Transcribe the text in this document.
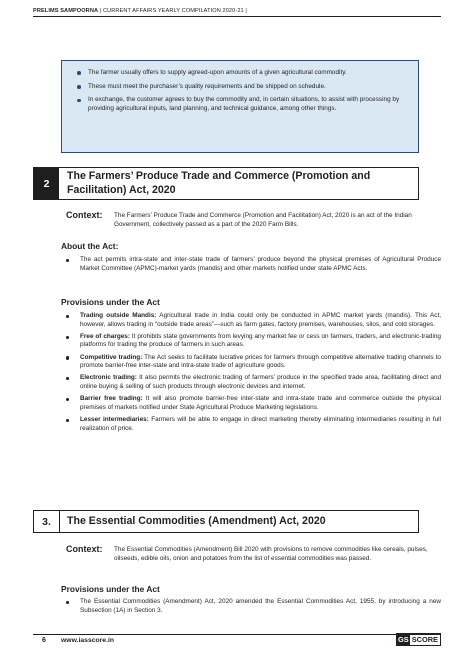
PRELIMS SAMPOORNA | CURRENT AFFAIRS YEARLY COMPILATION 2020-21 |
The farmer usually offers to supply agreed-upon amounts of a given agricultural commodity.
These must meet the purchaser’s quality requirements and be shipped on schedule.
In exchange, the customer agrees to buy the commodity and, in certain situations, to assist with processing by providing agricultural inputs, land planning, and technical guidance, among other things.
2
The Farmers’ Produce Trade and Commerce (Promotion and Facilitation) Act, 2020
Context: The Farmers’ Produce Trade and Commerce (Promotion and Facilitation) Act, 2020 is an act of the Indian Government, collectively passed as a part of the 2020 Farm Bills.
About the Act:
The act permits intra-state and inter-state trade of farmers’ produce beyond the physical premises of Agricultural Produce Market Committee (APMC)-market yards (mandis) and other markets notified under state APMC Acts.
Provisions under the Act
Trading outside Mandis: Agricultural trade in India could only be conducted in APMC market yards (mandis). This Act, however, allows trading in “outside trade areas”—such as farm gates, factory premises, warehouses, silos, and cold storages.
Free of charges: It prohibits state governments from levying any market fee or cess on farmers, traders, and electronic-trading platforms for trading the produce of farmers in such areas.
Competitive trading: The Act seeks to facilitate lucrative prices for farmers through competitive alternative trading channels to promote barrier-free inter-state and intra-state trade of agriculture goods.
Electronic trading: It also permits the electronic trading of farmers’ produce in the specified trade area, facilitating direct and online buying & selling of such products through electronic devices and internet.
Barrier free trading: It will also promote barrier-free inter-state and intra-state trade and commerce outside the physical premises of markets notified under State Agricultural Produce Marketing legislations.
Lesser intermediaries: Farmers will be able to engage in direct marketing thereby eliminating intermediaries resulting in full realization of price.
3.	The Essential Commodities (Amendment) Act, 2020
Context: The Essential Commodities (Amendment) Bill 2020 with provisions to remove commodities like cereals, pulses, oilseeds, edible oils, onion and potatoes from the list of essential commodities was passed.
Provisions under the Act
The Essential Commodities (Amendment) Act, 2020 amended the Essential Commodities Act, 1955, by introducing a new Subsection (1A) in Section 3.
6 www.iasscore.in	GS SCORE
